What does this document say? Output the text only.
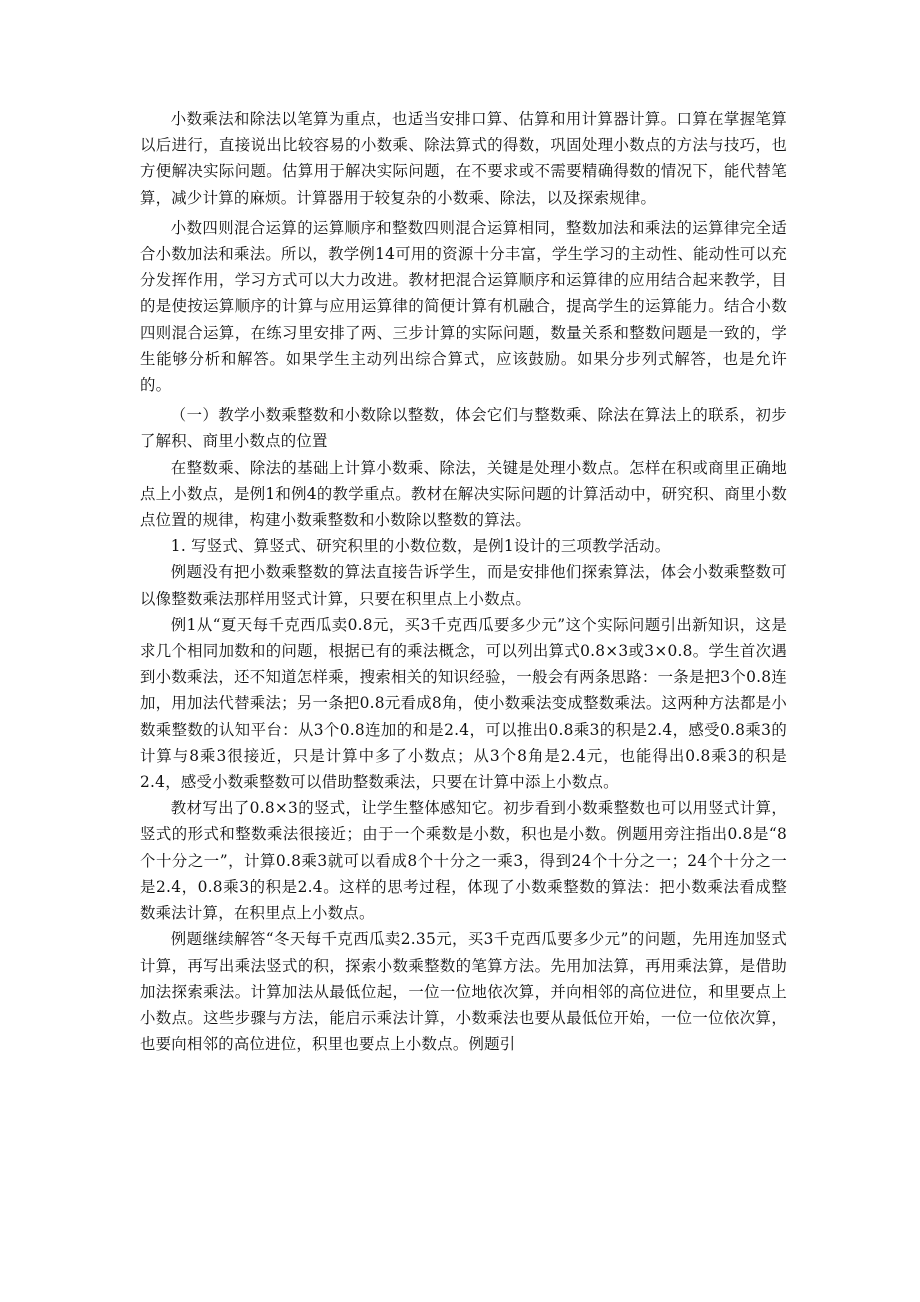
小数乘法和除法以笔算为重点，也适当安排口算、估算和用计算器计算。口算在掌握笔算以后进行，直接说出比较容易的小数乘、除法算式的得数，巩固处理小数点的方法与技巧，也方便解决实际问题。估算用于解决实际问题，在不要求或不需要精确得数的情况下，能代替笔算，减少计算的麻烦。计算器用于较复杂的小数乘、除法，以及探索规律。

小数四则混合运算的运算顺序和整数四则混合运算相同，整数加法和乘法的运算律完全适合小数加法和乘法。所以，教学例14可用的资源十分丰富，学生学习的主动性、能动性可以充分发挥作用，学习方式可以大力改进。教材把混合运算顺序和运算律的应用结合起来教学，目的是使按运算顺序的计算与应用运算律的简便计算有机融合，提高学生的运算能力。结合小数四则混合运算，在练习里安排了两、三步计算的实际问题，数量关系和整数问题是一致的，学生能够分析和解答。如果学生主动列出综合算式，应该鼓励。如果分步列式解答，也是允许的。

（一）教学小数乘整数和小数除以整数，体会它们与整数乘、除法在算法上的联系，初步了解积、商里小数点的位置

在整数乘、除法的基础上计算小数乘、除法，关键是处理小数点。怎样在积或商里正确地点上小数点，是例1和例4的教学重点。教材在解决实际问题的计算活动中，研究积、商里小数点位置的规律，构建小数乘整数和小数除以整数的算法。

1. 写竖式、算竖式、研究积里的小数位数，是例1设计的三项教学活动。

例题没有把小数乘整数的算法直接告诉学生，而是安排他们探索算法，体会小数乘整数可以像整数乘法那样用竖式计算，只要在积里点上小数点。

例1从“夏天每千克西瓜卖0.8元，买3千克西瓜要多少元”这个实际问题引出新知识，这是求几个相同加数和的问题，根据已有的乘法概念，可以列出算式0.8×3或3×0.8。学生首次遇到小数乘法，还不知道怎样乘，搜索相关的知识经验，一般会有两条思路：一条是把3个0.8连加，用加法代替乘法；另一条把0.8元看成8角，使小数乘法变成整数乘法。这两种方法都是小数乘整数的认知平台：从3个0.8连加的和是2.4，可以推出0.8乘3的积是2.4，感受0.8乘3的计算与8乘3很接近，只是计算中多了小数点；从3个8角是2.4元，也能得出0.8乘3的积是2.4，感受小数乘整数可以借助整数乘法，只要在计算中添上小数点。

教材写出了0.8×3的竖式，让学生整体感知它。初步看到小数乘整数也可以用竖式计算，竖式的形式和整数乘法很接近；由于一个乘数是小数，积也是小数。例题用旁注指出0.8是“8个十分之一”，计算0.8乘3就可以看成8个十分之一乘3，得到24个十分之一；24个十分之一是2.4，0.8乘3的积是2.4。这样的思考过程，体现了小数乘整数的算法：把小数乘法看成整数乘法计算，在积里点上小数点。

例题继续解答“冬天每千克西瓜卖2.35元，买3千克西瓜要多少元”的问题，先用连加竖式计算，再写出乘法竖式的积，探索小数乘整数的笔算方法。先用加法算，再用乘法算，是借助加法探索乘法。计算加法从最低位起，一位一位地依次算，并向相邻的高位进位，和里要点上小数点。这些步骤与方法，能启示乘法计算，小数乘法也要从最低位开始，一位一位依次算，也要向相邻的高位进位，积里也要点上小数点。例题引
